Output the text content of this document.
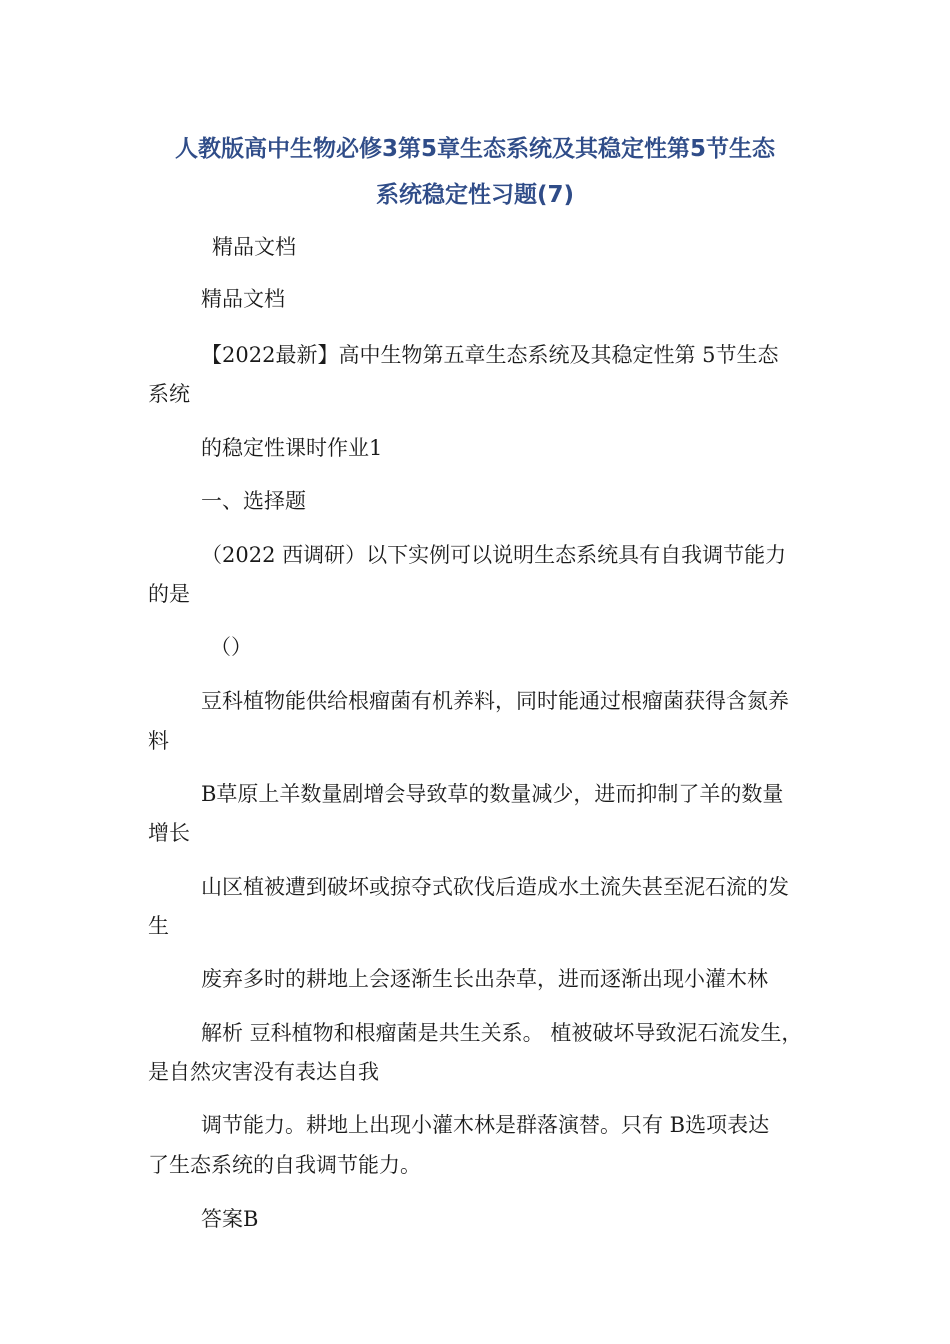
人教版高中生物必修3第5章生态系统及其稳定性第5节生态
系统稳定性习题(7)
精品文档
精品文档
【2022最新】高中生物第五章生态系统及其稳定性第 5节生态
系统
的稳定性课时作业1
一、选择题
（2022 西调研）以下实例可以说明生态系统具有自我调节能力
的是
（）
豆科植物能供给根瘤菌有机养料，同时能通过根瘤菌获得含氮养
料
B草原上羊数量剧增会导致草的数量减少，进而抑制了羊的数量
增长
山区植被遭到破坏或掠夺式砍伐后造成水土流失甚至泥石流的发
生
废弃多时的耕地上会逐渐生长出杂草，进而逐渐出现小灌木林
解析 豆科植物和根瘤菌是共生关系。 植被破坏导致泥石流发生，
是自然灾害没有表达自我
调节能力。耕地上出现小灌木林是群落演替。只有 B选项表达
了生态系统的自我调节能力。
答案B
